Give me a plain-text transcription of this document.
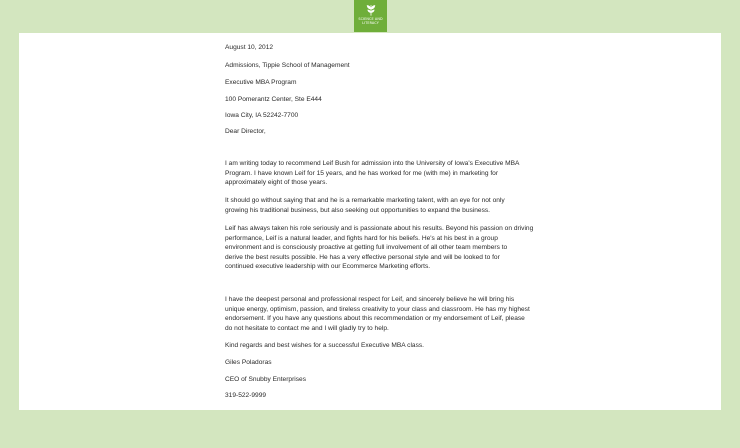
SCIENCE AND
LITERACY
August 10, 2012
Admissions, Tippie School of Management
Executive MBA Program
100 Pomerantz Center, Ste E444
Iowa City, IA 52242-7700
Dear Director,
I am writing today to recommend Leif Bush for admission into the University of Iowa's Executive MBA
Program. I have known Leif for 15 years, and he has worked for me (with me) in marketing for
approximately eight of those years.
It should go without saying that and he is a remarkable marketing talent, with an eye for not only
growing his traditional business, but also seeking out opportunities to expand the business.
Leif has always taken his role seriously and is passionate about his results. Beyond his passion on driving
performance, Leif is a natural leader, and fights hard for his beliefs. He's at his best in a group
environment and is consciously proactive at getting full involvement of all other team members to
derive the best results possible. He has a very effective personal style and will be looked to for
continued executive leadership with our Ecommerce Marketing efforts.
I have the deepest personal and professional respect for Leif, and sincerely believe he will bring his
unique energy, optimism, passion, and tireless creativity to your class and classroom. He has my highest
endorsement. If you have any questions about this recommendation or my endorsement of Leif, please
do not hesitate to contact me and I will gladly try to help.
Kind regards and best wishes for a successful Executive MBA class.
Giles Poladoras
CEO of Snubby Enterprises
319-522-9999
